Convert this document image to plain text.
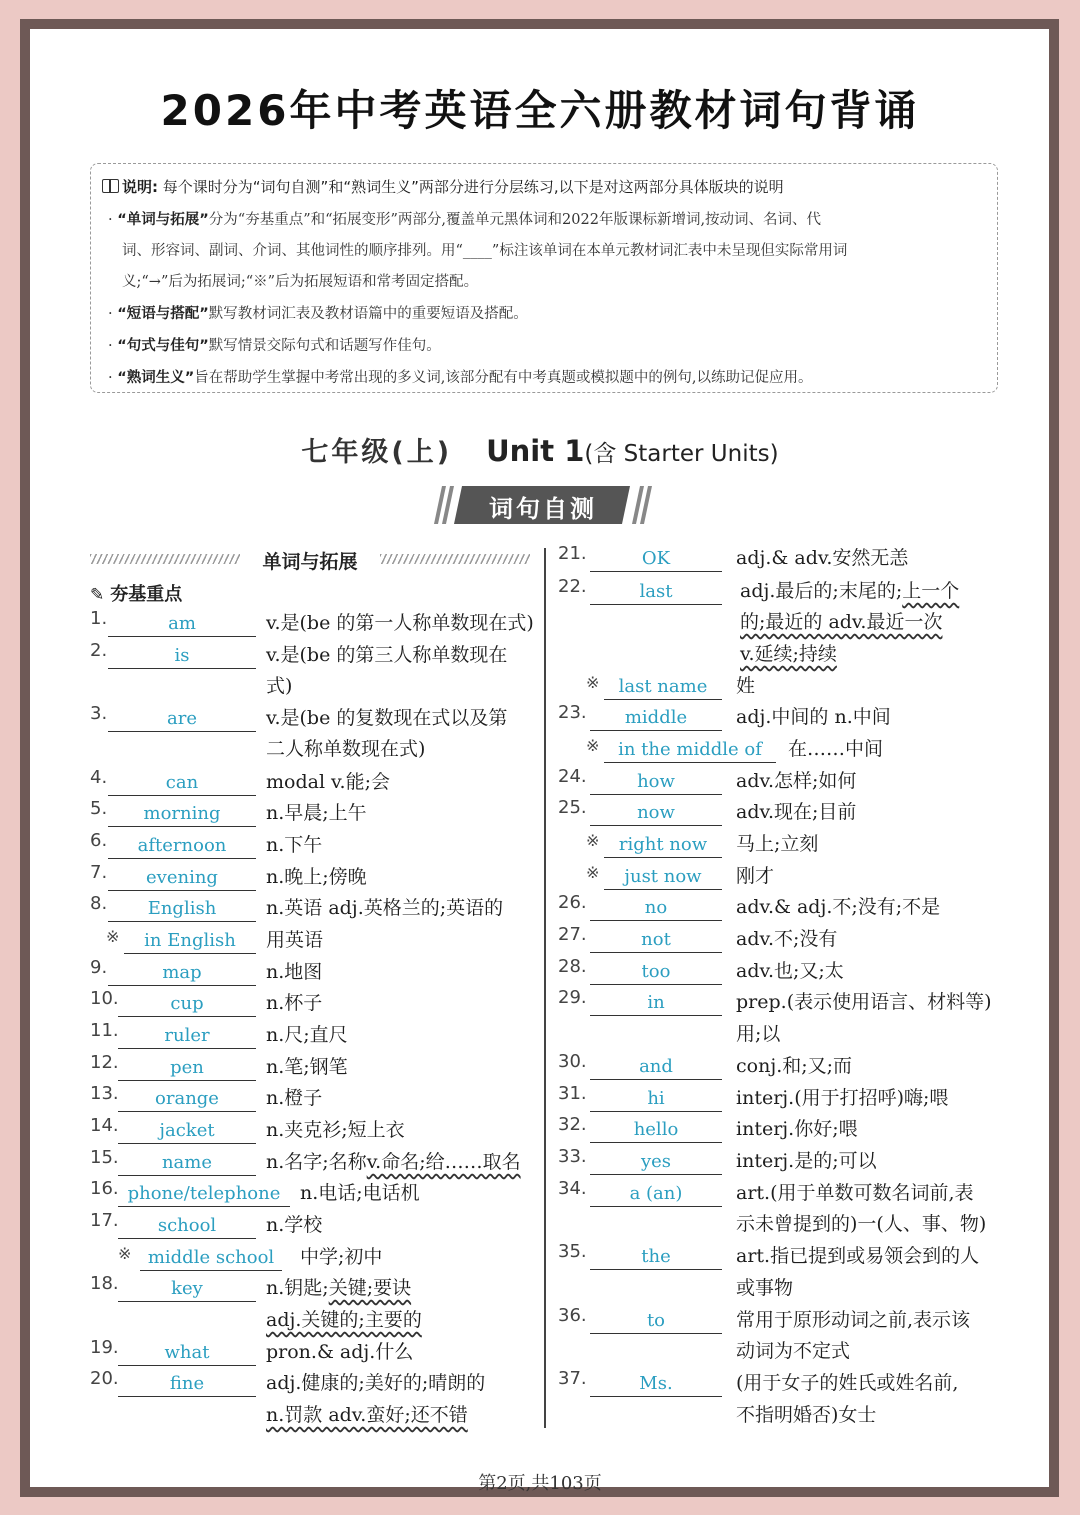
2026年中考英语全六册教材词句背诵
说明: 每个课时分为“词句自测”和“熟词生义”两部分进行分层练习,以下是对这两部分具体版块的说明
· “单词与拓展”分为“夯基重点”和“拓展变形”两部分,覆盖单元黑体词和2022年版课标新增词,按动词、名词、代
词、形容词、副词、介词、其他词性的顺序排列。用“____”标注该单词在本单元教材词汇表中未呈现但实际常用词
义;“→”后为拓展词;“※”后为拓展短语和常考固定搭配。
· “短语与搭配”默写教材词汇表及教材语篇中的重要短语及搭配。
· “句式与佳句”默写情景交际句式和话题写作佳句。
· “熟词生义”旨在帮助学生掌握中考常出现的多义词,该部分配有中考真题或模拟题中的例句,以练助记促应用。
七年级(上) Unit 1(含 Starter Units)
词句自测
单词与拓展
✎ 夯基重点
1.	am	v.是(be 的第一人称单数现在式)
2.	is	v.是(be 的第三人称单数现在
式)
3.	are	v.是(be 的复数现在式以及第
二人称单数现在式)
4.	can	modal v.能;会
5.	morning	n.早晨;上午
6.	afternoon	n.下午
7.	evening	n.晚上;傍晚
8.	English	n.英语 adj.英格兰的;英语的
※	in English	用英语
9.	map	n.地图
10.	cup	n.杯子
11.	ruler	n.尺;直尺
12.	pen	n.笔;钢笔
13.	orange	n.橙子
14.	jacket	n.夹克衫;短上衣
15.	name	n.名字;名称v.命名;给……取名
16. phone/telephone	n.电话;电话机
17.	school	n.学校
※ middle school	中学;初中
18.	key	n.钥匙;关键;要诀
adj.关键的;主要的
19.	what	pron.& adj.什么
20.	fine	adj.健康的;美好的;晴朗的
n.罚款 adv.蛮好;还不错
21.	OK	adj.& adv.安然无恙
22.	last	adj.最后的;末尾的;上一个
的;最近的 adv.最近一次
v.延续;持续
※	last name	姓
23.	middle	adj.中间的 n.中间
※	in the middle of	在……中间
24.	how	adv.怎样;如何
25.	now	adv.现在;目前
※	right now	马上;立刻
※	just now	刚才
26.	no	adv.& adj.不;没有;不是
27.	not	adv.不;没有
28.	too	adv.也;又;太
29.	in	prep.(表示使用语言、材料等)
用;以
30.	and	conj.和;又;而
31.	hi	interj.(用于打招呼)嗨;喂
32.	hello	interj.你好;喂
33.	yes	interj.是的;可以
34.	a (an)	art.(用于单数可数名词前,表
示未曾提到的)一(人、事、物)
35.	the	art.指已提到或易领会到的人
或事物
36.	to	常用于原形动词之前,表示该
动词为不定式
37.	Ms.	(用于女子的姓氏或姓名前,
不指明婚否)女士
第2页,共103页
